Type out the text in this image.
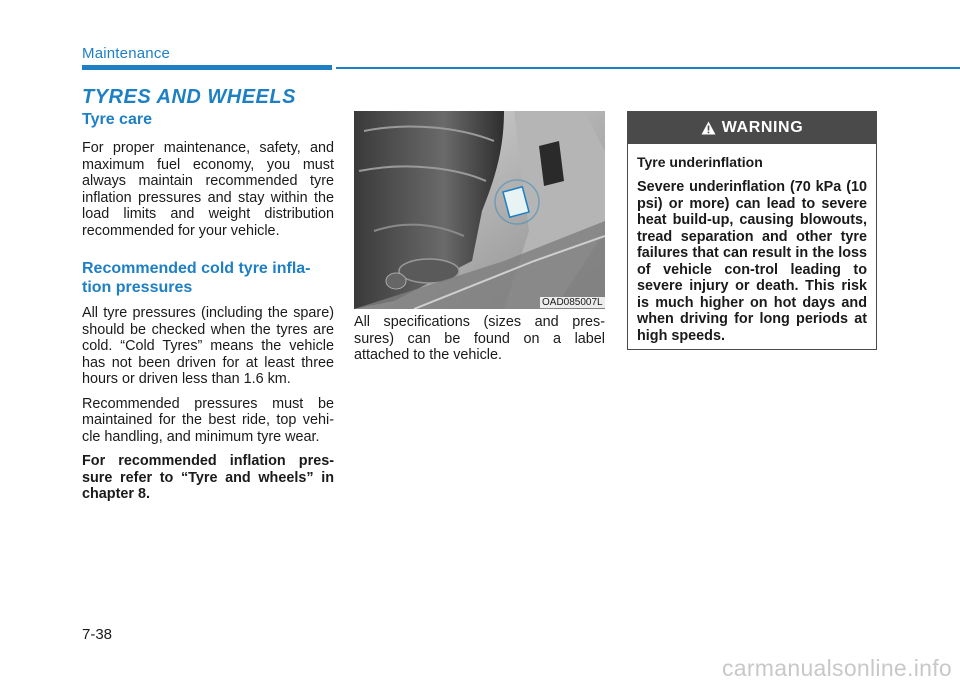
Maintenance
TYRES AND WHEELS
Tyre care

For proper maintenance, safety, and maximum fuel economy, you must always maintain recommended tyre inflation pressures and stay within the load limits and weight distribution recommended for your vehicle.

Recommended cold tyre infla-
tion pressures

All tyre pressures (including the spare) should be checked when the tyres are cold. “Cold Tyres” means the vehicle has not been driven for at least three hours or driven less than 1.6 km.

Recommended pressures must be maintained for the best ride, top vehi-cle handling, and minimum tyre wear.

For recommended inflation pres-sure refer to “Tyre and wheels” in chapter 8.

OAD085007L

All specifications (sizes and pres-sures) can be found on a label attached to the vehicle.

WARNING

Tyre underinflation

Severe underinflation (70 kPa (10 psi) or more) can lead to severe heat build-up, causing blowouts, tread separation and other tyre failures that can result in the loss of vehicle con-trol leading to severe injury or death. This risk is much higher on hot days and when driving for long periods at high speeds.

7-38
carmanualsonline.info
